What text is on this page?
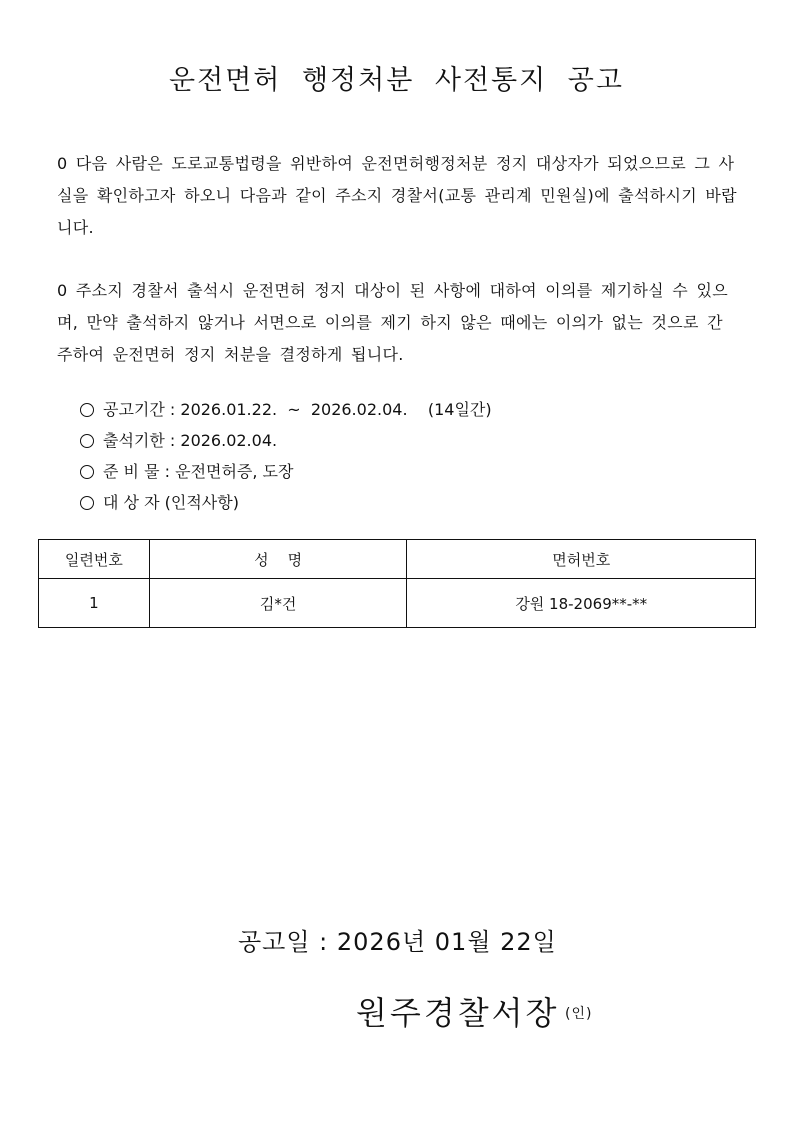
운전면허 행정처분 사전통지 공고
0 다음 사람은 도로교통법령을 위반하여 운전면허행정처분 정지 대상자가 되었으므로 그 사실을 확인하고자 하오니 다음과 같이 주소지 경찰서(교통 관리계 민원실)에 출석하시기 바랍니다.
0 주소지 경찰서 출석시 운전면허 정지 대상이 된 사항에 대하여 이의를 제기하실 수 있으며, 만약 출석하지 않거나 서면으로 이의를 제기 하지 않은 때에는 이의가 없는 것으로 간주하여 운전면허 정지 처분을 결정하게 됩니다.
공고기간 : 2026.01.22.  ~  2026.02.04.    (14일간)
출석기한 : 2026.02.04.
준 비 물 : 운전면허증, 도장
대 상 자 (인적사항)
일련번호	성    명	면허번호
1	김*건	강원 18-2069**-**
공고일 : 2026년 01월 22일
원주경찰서장 (인)
